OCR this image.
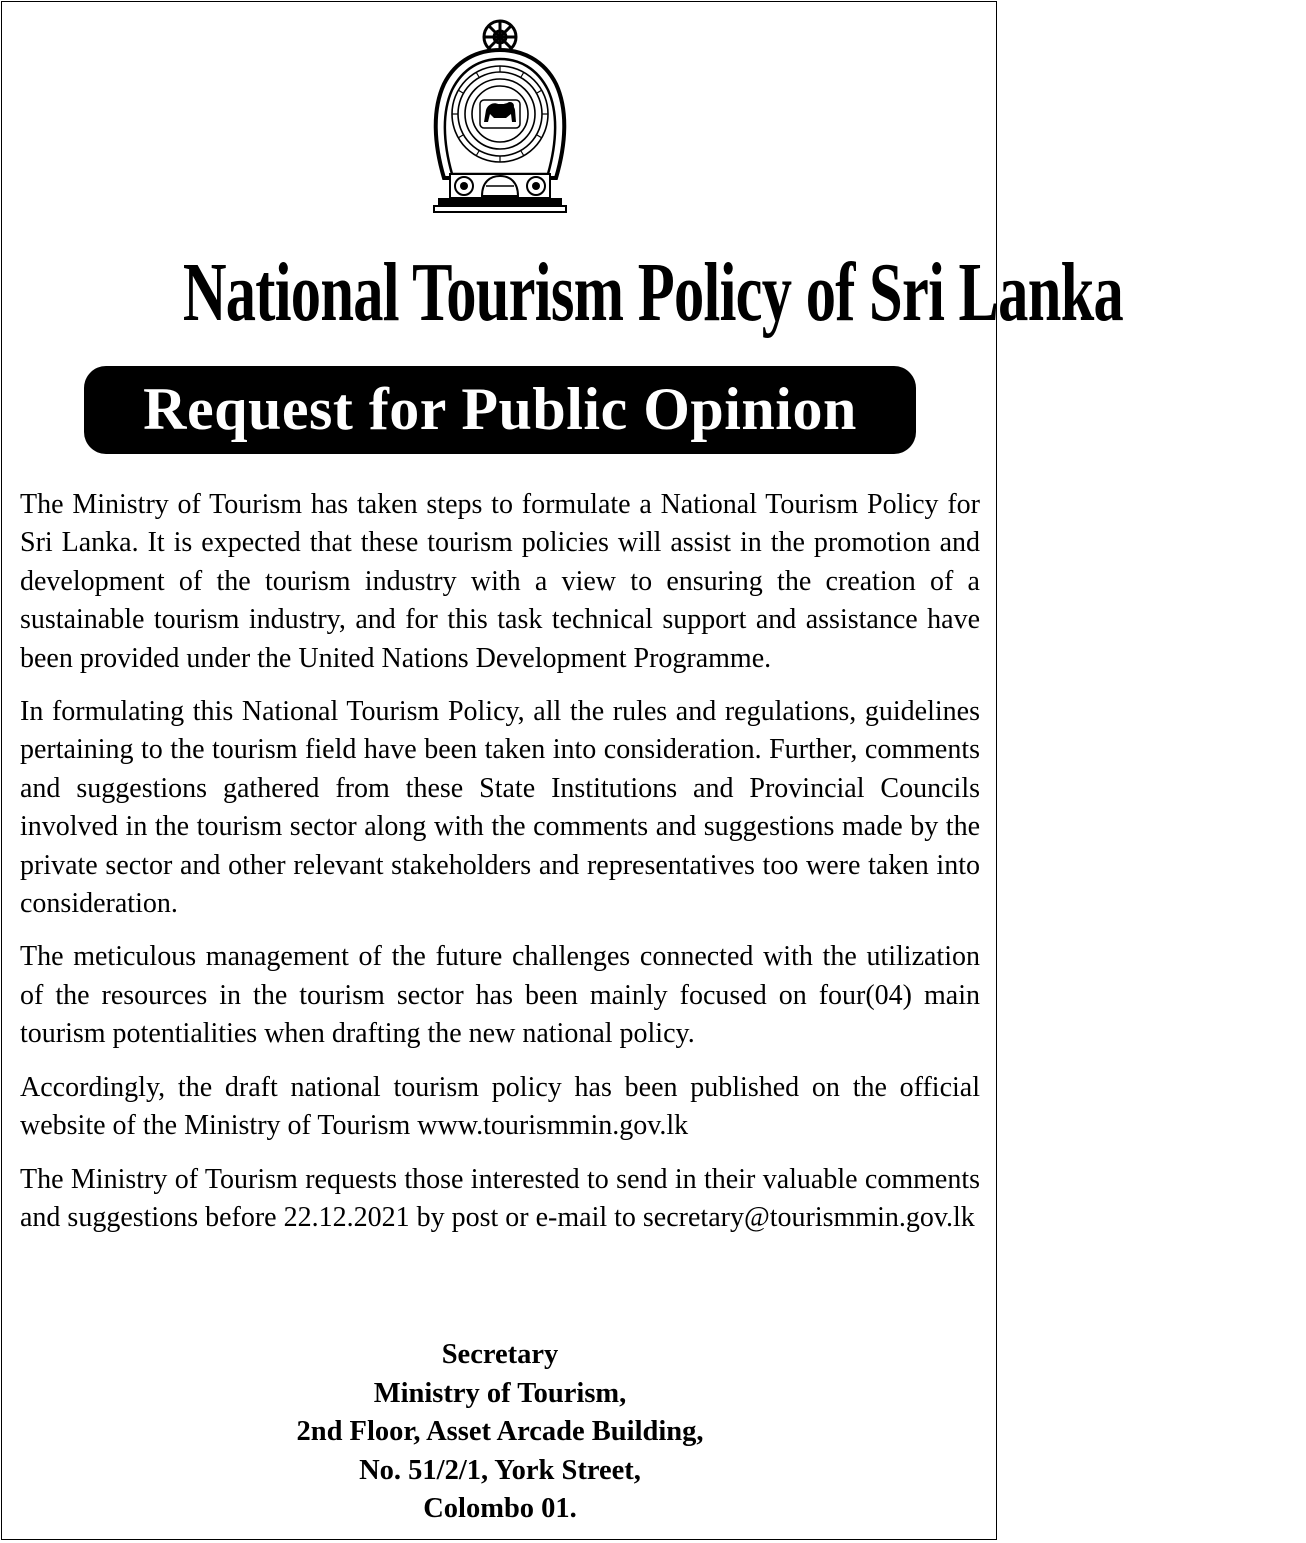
National Tourism Policy of Sri Lanka
Request for Public Opinion

The Ministry of Tourism has taken steps to formulate a National Tourism Policy for Sri Lanka. It is expected that these tourism policies will assist in the promotion and development of the tourism industry with a view to ensuring the creation of a sustainable tourism industry, and for this task technical support and assistance have been provided under the United Nations Development Programme.

In formulating this National Tourism Policy, all the rules and regulations, guidelines pertaining to the tourism field have been taken into consideration. Further, comments and suggestions gathered from these State Institutions and Provincial Councils involved in the tourism sector along with the comments and suggestions made by the private sector and other relevant stakeholders and representatives too were taken into consideration.

The meticulous management of the future challenges connected with the utilization of the resources in the tourism sector has been mainly focused on four(04) main tourism potentialities when drafting the new national policy.

Accordingly, the draft national tourism policy has been published on the official website of the Ministry of Tourism www.tourismmin.gov.lk

The Ministry of Tourism requests those interested to send in their valuable comments and suggestions before 22.12.2021 by post or e-mail to secretary@tourismmin.gov.lk

Secretary
Ministry of Tourism,
2nd Floor, Asset Arcade Building,
No. 51/2/1, York Street,
Colombo 01.
